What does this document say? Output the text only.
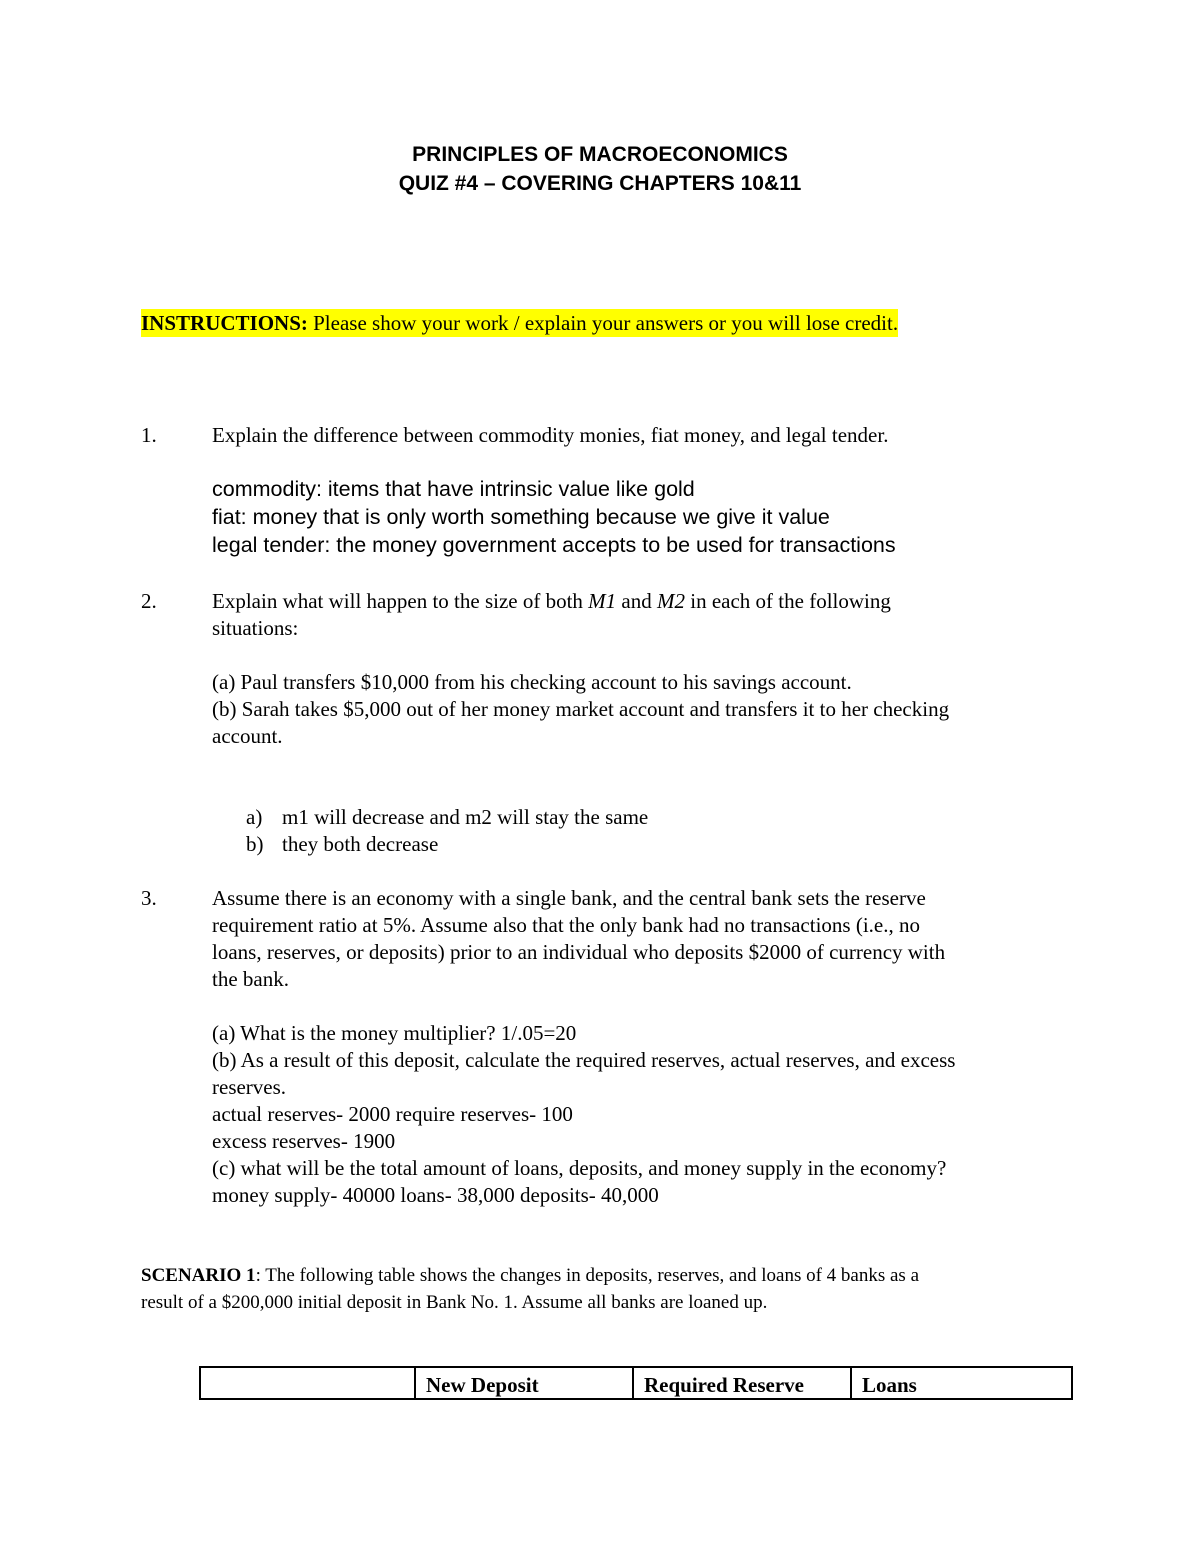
PRINCIPLES OF MACROECONOMICS
QUIZ #4 – COVERING CHAPTERS 10&11
INSTRUCTIONS: Please show your work / explain your answers or you will lose credit.
1.	Explain the difference between commodity monies, fiat money, and legal tender.
commodity: items that have intrinsic value like gold
fiat: money that is only worth something because we give it value
legal tender: the money government accepts to be used for transactions
2.	Explain what will happen to the size of both M1 and M2 in each of the following
situations:
(a) Paul transfers $10,000 from his checking account to his savings account.
(b) Sarah takes $5,000 out of her money market account and transfers it to her checking
account.
a) m1 will decrease and m2 will stay the same
b) they both decrease
3.	Assume there is an economy with a single bank, and the central bank sets the reserve
requirement ratio at 5%. Assume also that the only bank had no transactions (i.e., no
loans, reserves, or deposits) prior to an individual who deposits $2000 of currency with
the bank.
(a) What is the money multiplier? 1/.05=20
(b) As a result of this deposit, calculate the required reserves, actual reserves, and excess
reserves.
actual reserves- 2000 require reserves- 100
excess reserves- 1900
(c) what will be the total amount of loans, deposits, and money supply in the economy?
money supply- 40000 loans- 38,000 deposits- 40,000
SCENARIO 1: The following table shows the changes in deposits, reserves, and loans of 4 banks as a
result of a $200,000 initial deposit in Bank No. 1. Assume all banks are loaned up.
	New Deposit	Required Reserve	Loans
